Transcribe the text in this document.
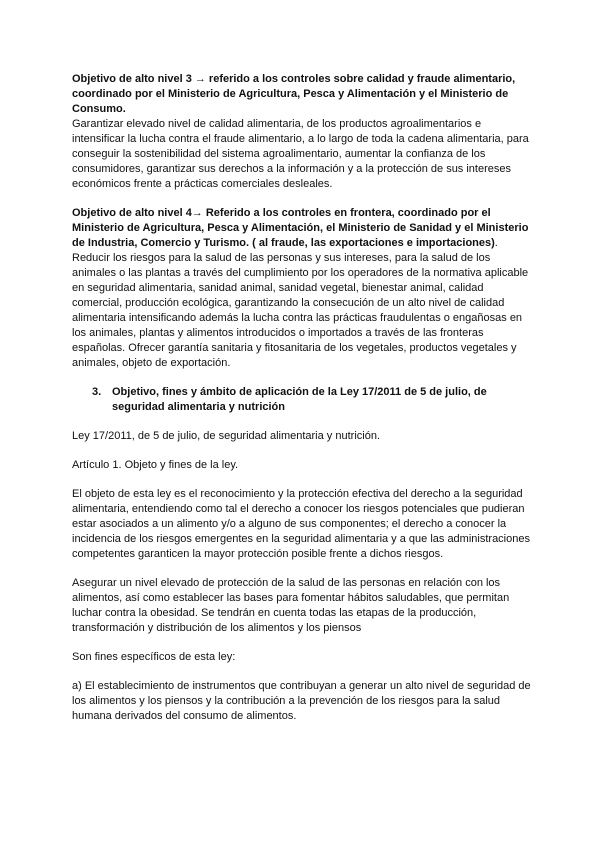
Objetivo de alto nivel 3 → referido a los controles sobre calidad y fraude alimentario, coordinado por el Ministerio de Agricultura, Pesca y Alimentación y el Ministerio de Consumo.

Garantizar elevado nivel de calidad alimentaria, de los productos agroalimentarios e intensificar la lucha contra el fraude alimentario, a lo largo de toda la cadena alimentaria, para conseguir la sostenibilidad del sistema agroalimentario, aumentar la confianza de los consumidores, garantizar sus derechos a la información y a la protección de sus intereses económicos frente a prácticas comerciales desleales.

Objetivo de alto nivel 4→ Referido a los controles en frontera, coordinado por el Ministerio de Agricultura, Pesca y Alimentación, el Ministerio de Sanidad y el Ministerio de Industria, Comercio y Turismo. ( al fraude, las exportaciones e importaciones).

Reducir los riesgos para la salud de las personas y sus intereses, para la salud de los animales o las plantas a través del cumplimiento por los operadores de la normativa aplicable en seguridad alimentaria, sanidad animal, sanidad vegetal, bienestar animal, calidad comercial, producción ecológica, garantizando la consecución de un alto nivel de calidad alimentaria intensificando además la lucha contra las prácticas fraudulentas o engañosas en los animales, plantas y alimentos introducidos o importados a través de las fronteras españolas. Ofrecer garantía sanitaria y fitosanitaria de los vegetales, productos vegetales y animales, objeto de exportación.

3. Objetivo, fines y ámbito de aplicación de la Ley 17/2011 de 5 de julio, de seguridad alimentaria y nutrición

Ley 17/2011, de 5 de julio, de seguridad alimentaria y nutrición.

Artículo 1. Objeto y fines de la ley.

El objeto de esta ley es el reconocimiento y la protección efectiva del derecho a la seguridad alimentaria, entendiendo como tal el derecho a conocer los riesgos potenciales que pudieran estar asociados a un alimento y/o a alguno de sus componentes; el derecho a conocer la incidencia de los riesgos emergentes en la seguridad alimentaria y a que las administraciones competentes garanticen la mayor protección posible frente a dichos riesgos.

Asegurar un nivel elevado de protección de la salud de las personas en relación con los alimentos, así como establecer las bases para fomentar hábitos saludables, que permitan luchar contra la obesidad. Se tendrán en cuenta todas las etapas de la producción, transformación y distribución de los alimentos y los piensos

Son fines específicos de esta ley:

a) El establecimiento de instrumentos que contribuyan a generar un alto nivel de seguridad de los alimentos y los piensos y la contribución a la prevención de los riesgos para la salud humana derivados del consumo de alimentos.
